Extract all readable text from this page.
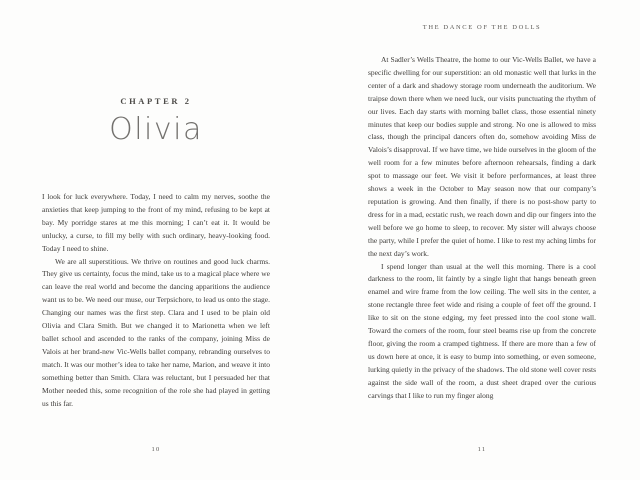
CHAPTER 2
Olivia

I look for luck everywhere. Today, I need to calm my nerves, soothe the anxieties that keep jumping to the front of my mind, refusing to be kept at bay. My porridge stares at me this morning; I can’t eat it. It would be unlucky, a curse, to fill my belly with such ordinary, heavy-looking food. Today I need to shine.

We are all superstitious. We thrive on routines and good luck charms. They give us certainty, focus the mind, take us to a magical place where we can leave the real world and become the dancing apparitions the audience want us to be. We need our muse, our Terpsichore, to lead us onto the stage. Changing our names was the first step. Clara and I used to be plain old Olivia and Clara Smith. But we changed it to Marionetta when we left ballet school and ascended to the ranks of the company, joining Miss de Valois at her brand-new Vic-Wells ballet company, rebranding ourselves to match. It was our mother’s idea to take her name, Marion, and weave it into something better than Smith. Clara was reluctant, but I persuaded her that Mother needed this, some recognition of the role she had played in getting us this far.

10
THE DANCE OF THE DOLLS

At Sadler’s Wells Theatre, the home to our Vic-Wells Ballet, we have a specific dwelling for our superstition: an old monastic well that lurks in the center of a dark and shadowy storage room underneath the auditorium. We traipse down there when we need luck, our visits punctuating the rhythm of our lives. Each day starts with morning ballet class, those essential ninety minutes that keep our bodies supple and strong. No one is allowed to miss class, though the principal dancers often do, somehow avoiding Miss de Valois’s disapproval. If we have time, we hide ourselves in the gloom of the well room for a few minutes before afternoon rehearsals, finding a dark spot to massage our feet. We visit it before performances, at least three shows a week in the October to May season now that our company’s reputation is growing. And then finally, if there is no post-show party to dress for in a mad, ecstatic rush, we reach down and dip our fingers into the well before we go home to sleep, to recover. My sister will always choose the party, while I prefer the quiet of home. I like to rest my aching limbs for the next day’s work.

I spend longer than usual at the well this morning. There is a cool darkness to the room, lit faintly by a single light that hangs beneath green enamel and wire frame from the low ceiling. The well sits in the center, a stone rectangle three feet wide and rising a couple of feet off the ground. I like to sit on the stone edging, my feet pressed into the cool stone wall. Toward the corners of the room, four steel beams rise up from the concrete floor, giving the room a cramped tightness. If there are more than a few of us down here at once, it is easy to bump into something, or even someone, lurking quietly in the privacy of the shadows. The old stone well cover rests against the side wall of the room, a dust sheet draped over the curious carvings that I like to run my finger along

11
